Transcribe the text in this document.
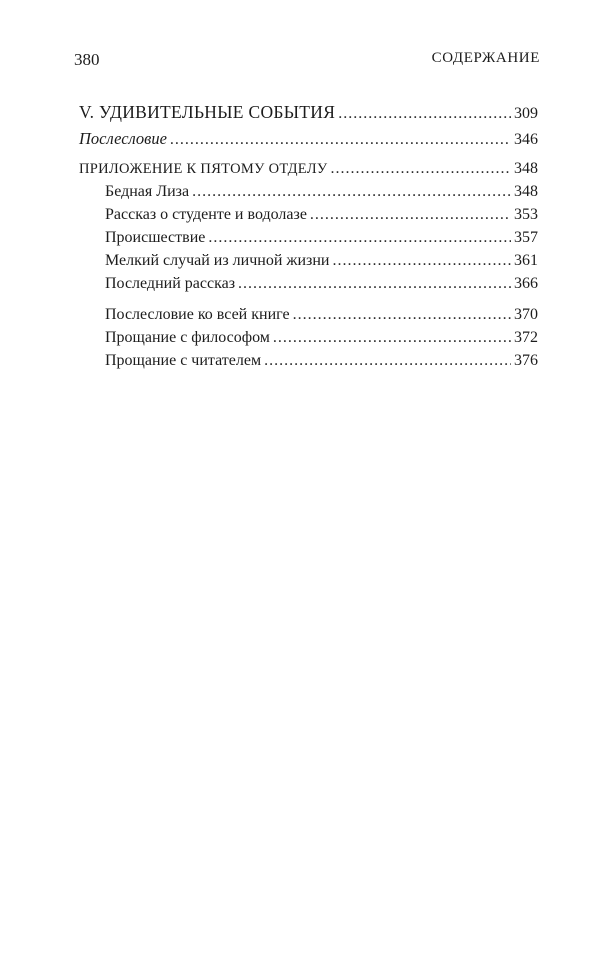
380	СОДЕРЖАНИЕ
V. УДИВИТЕЛЬНЫЕ СОБЫТИЯ . . .	309
Послесловие . . .	346
ПРИЛОЖЕНИЕ К ПЯТОМУ ОТДЕЛУ . . .	348
Бедная Лиза . . .	348
Рассказ о студенте и водолазе . . .	353
Происшествие . . .	357
Мелкий случай из личной жизни . . .	361
Последний рассказ . . .	366
Послесловие ко всей книге . . .	370
Прощание с философом . . .	372
Прощание с читателем . . .	376
